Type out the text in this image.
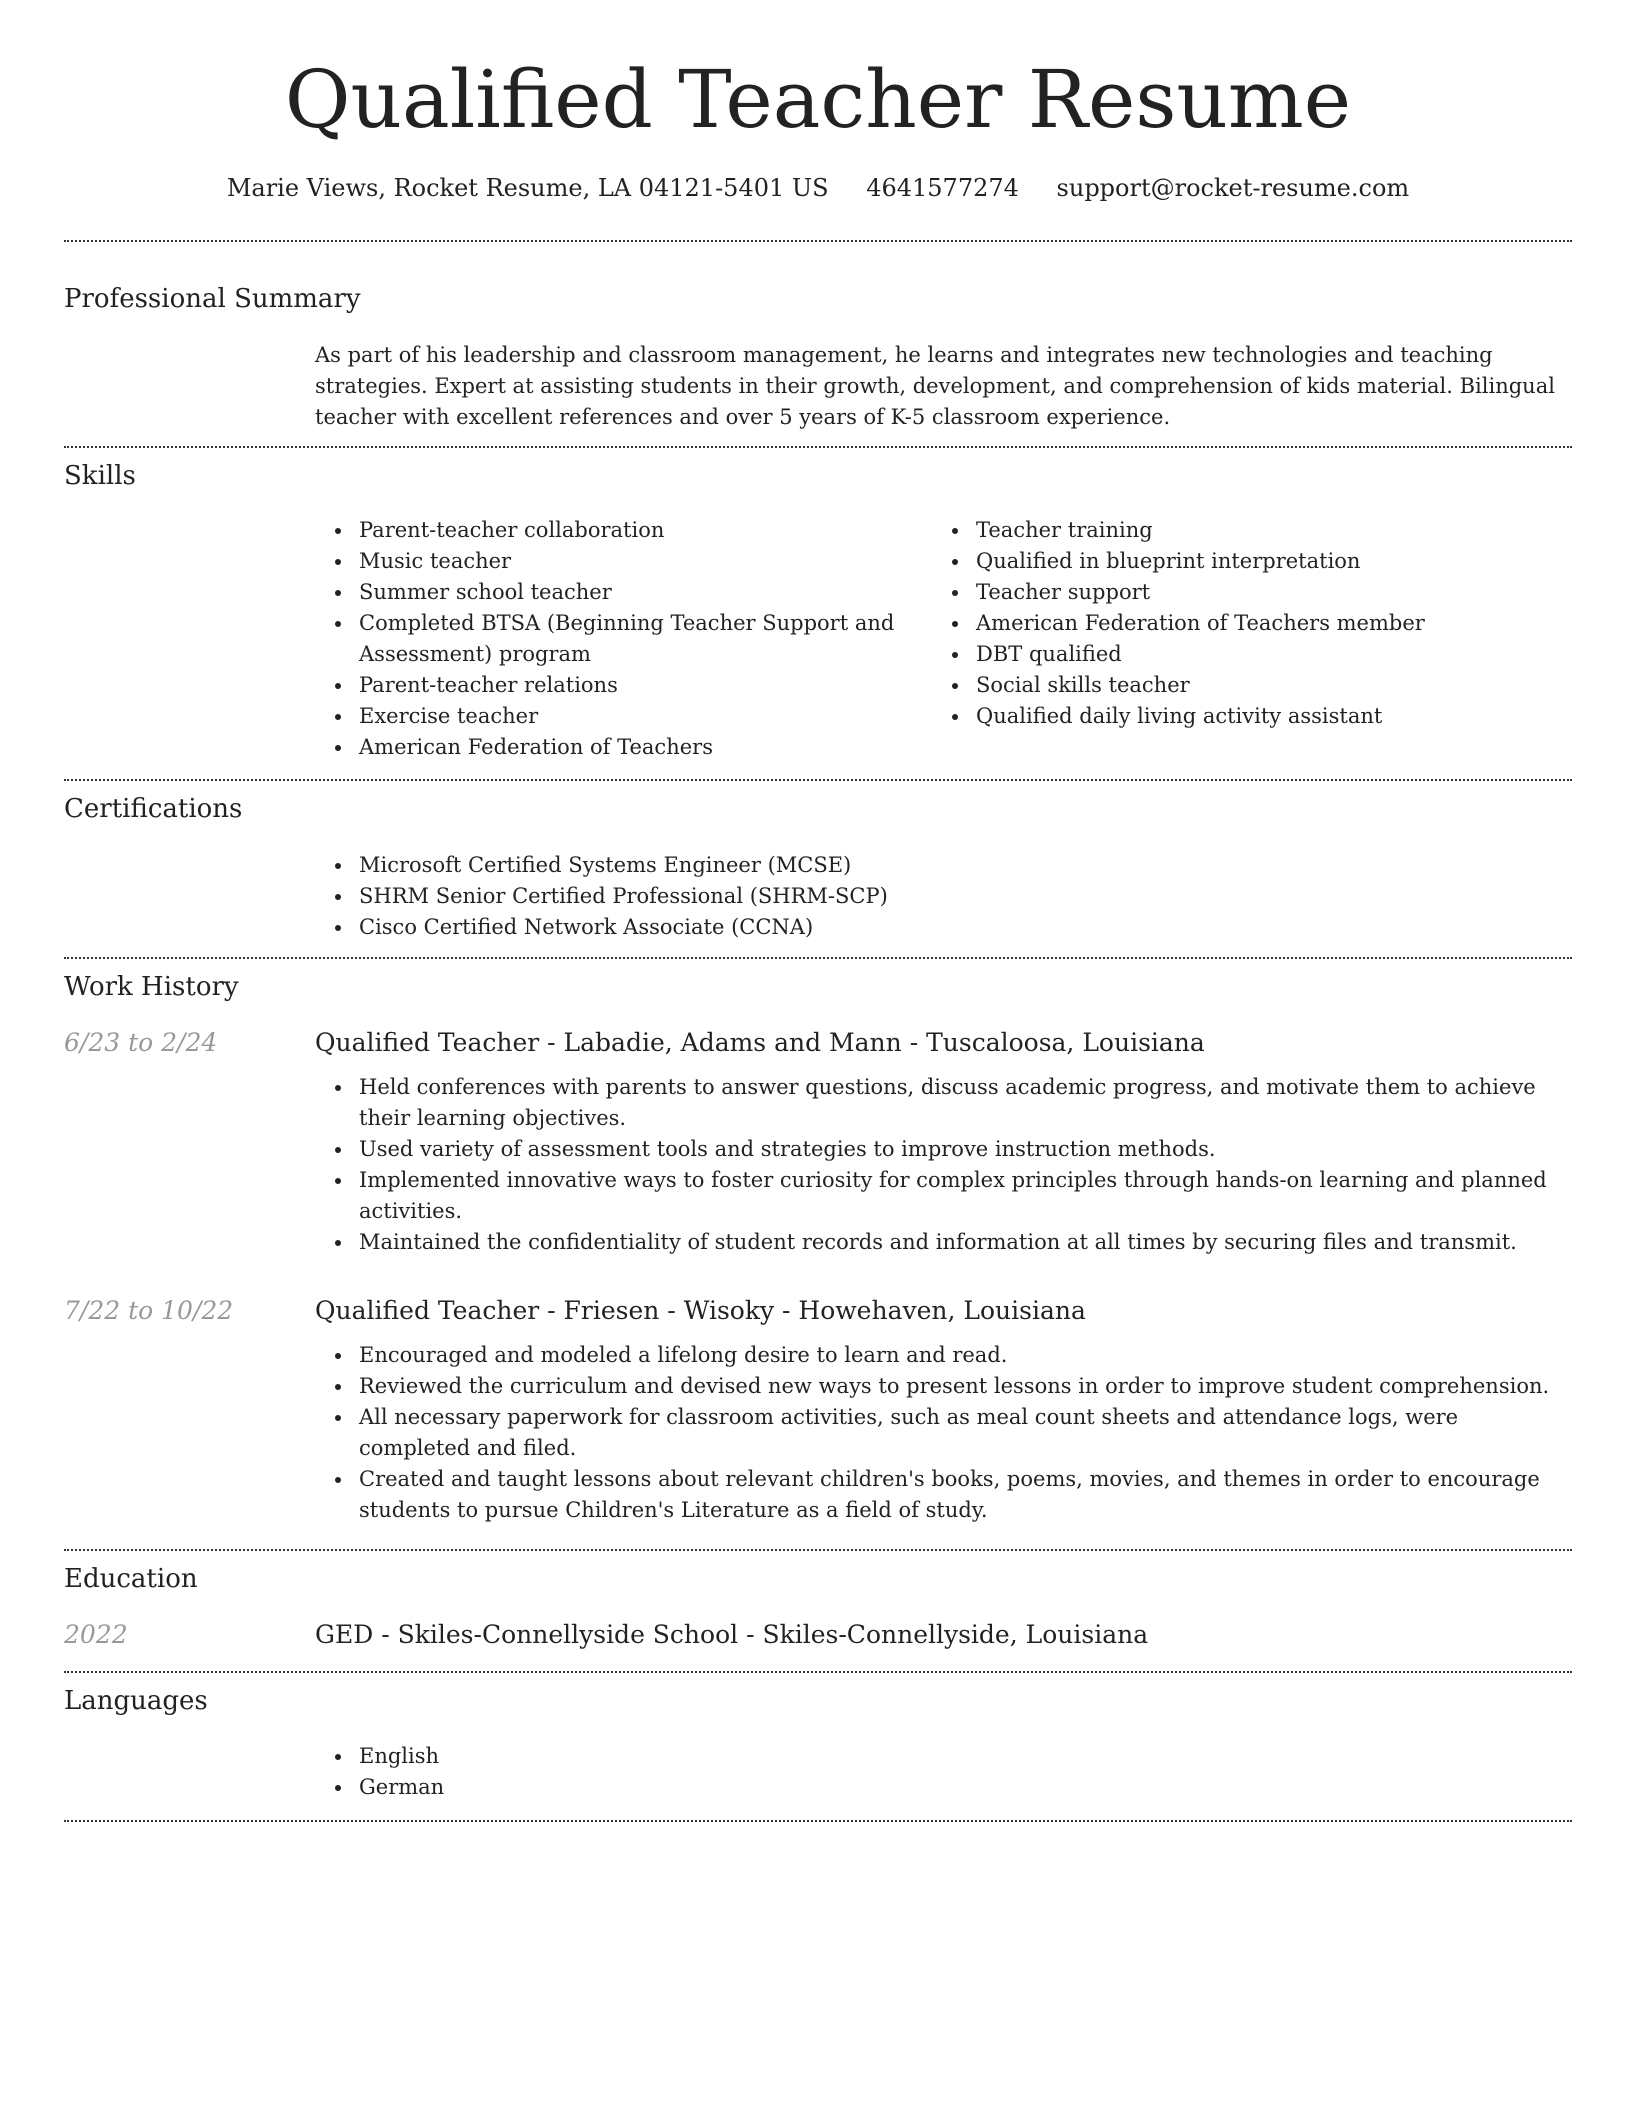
Qualified Teacher Resume
Marie Views, Rocket Resume, LA 04121-5401 US 4641577274 support@rocket-resume.com
Professional Summary

As part of his leadership and classroom management, he learns and integrates new technologies and teaching strategies. Expert at assisting students in their growth, development, and comprehension of kids material. Bilingual teacher with excellent references and over 5 years of K-5 classroom experience.

Skills
Parent-teacher collaboration
Music teacher
Summer school teacher
Completed BTSA (Beginning Teacher Support and Assessment) program
Parent-teacher relations
Exercise teacher
American Federation of Teachers
Teacher training
Qualified in blueprint interpretation
Teacher support
American Federation of Teachers member
DBT qualified
Social skills teacher
Qualified daily living activity assistant
Certifications
Microsoft Certified Systems Engineer (MCSE)
SHRM Senior Certified Professional (SHRM-SCP)
Cisco Certified Network Associate (CCNA)
Work History
6/23 to 2/24	Qualified Teacher - Labadie, Adams and Mann - Tuscaloosa, Louisiana
Held conferences with parents to answer questions, discuss academic progress, and motivate them to achieve their learning objectives.
Used variety of assessment tools and strategies to improve instruction methods.
Implemented innovative ways to foster curiosity for complex principles through hands-on learning and planned activities.
Maintained the confidentiality of student records and information at all times by securing files and transmit.
7/22 to 10/22	Qualified Teacher - Friesen - Wisoky - Howehaven, Louisiana
Encouraged and modeled a lifelong desire to learn and read.
Reviewed the curriculum and devised new ways to present lessons in order to improve student comprehension.
All necessary paperwork for classroom activities, such as meal count sheets and attendance logs, were completed and filed.
Created and taught lessons about relevant children's books, poems, movies, and themes in order to encourage students to pursue Children's Literature as a field of study.
Education
2022	GED - Skiles-Connellyside School - Skiles-Connellyside, Louisiana
Languages
English
German
